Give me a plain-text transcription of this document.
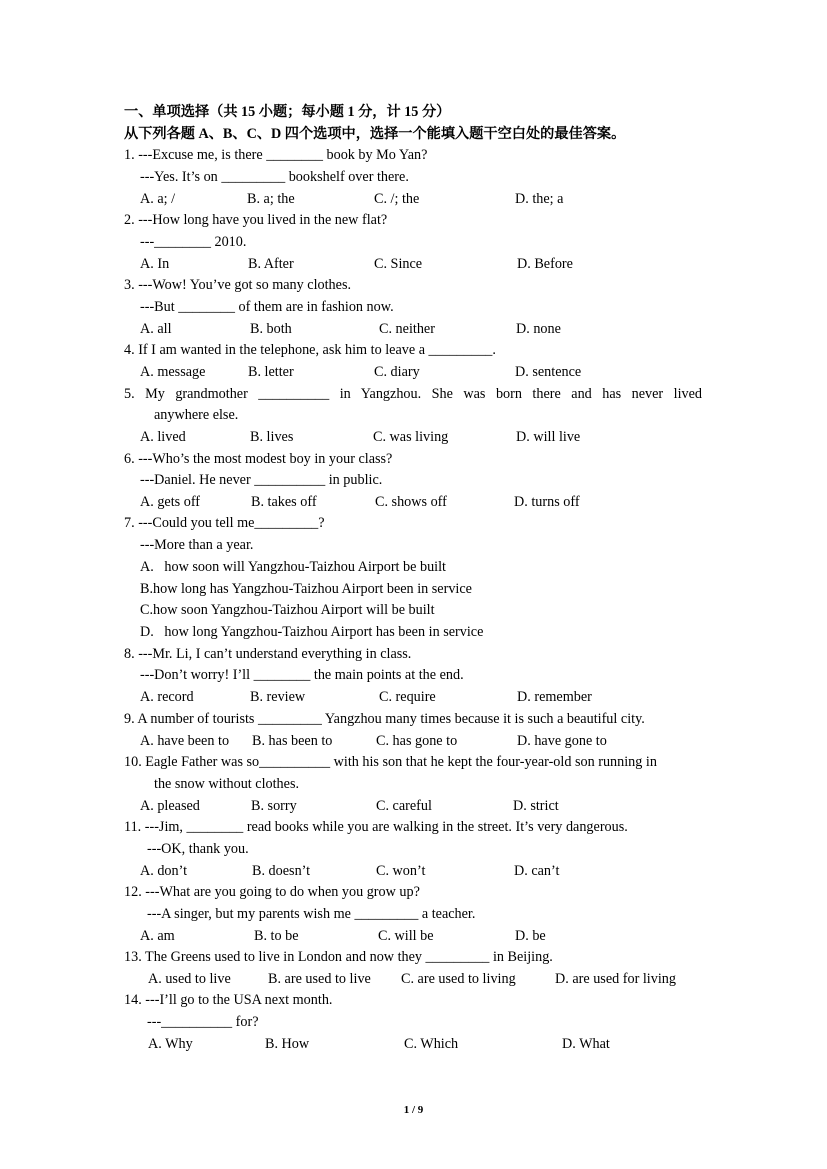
一、单项选择（共 15 小题；每小题 1 分，计 15 分）
从下列各题 A、B、C、D 四个选项中，选择一个能填入题干空白处的最佳答案。
1. ---Excuse me, is there ________ book by Mo Yan?
---Yes. It’s on _________ bookshelf over there.
A. a; /	B. a; the	C. /; the	D. the; a
2. ---How long have you lived in the new flat?
---________ 2010.
A. In	B. After	C. Since	D. Before
3. ---Wow! You’ve got so many clothes.
---But ________ of them are in fashion now.
A. all	B. both	C. neither	D. none
4. If I am wanted in the telephone, ask him to leave a _________.
A. message	B. letter	C. diary	D. sentence
5. My grandmother __________ in Yangzhou. She was born there and has never lived
anywhere else.
A. lived	B. lives	C. was living	D. will live
6. ---Who’s the most modest boy in your class?
---Daniel. He never __________ in public.
A. gets off	B. takes off	C. shows off	D. turns off
7. ---Could you tell me_________?
---More than a year.
A.   how soon will Yangzhou-Taizhou Airport be built
B.how long has Yangzhou-Taizhou Airport been in service
C.how soon Yangzhou-Taizhou Airport will be built
D.   how long Yangzhou-Taizhou Airport has been in service
8. ---Mr. Li, I can’t understand everything in class.
---Don’t worry! I’ll ________ the main points at the end.
A. record	B. review	C. require	D. remember
9. A number of tourists _________ Yangzhou many times because it is such a beautiful city.
A. have been to B. has been to	C. has gone to	D. have gone to
10. Eagle Father was so__________ with his son that he kept the four-year-old son running in
the snow without clothes.
A. pleased	B. sorry	C. careful	D. strict
11. ---Jim, ________ read books while you are walking in the street. It’s very dangerous.
---OK, thank you.
A. don’t	B. doesn’t	C. won’t	D. can’t
12. ---What are you going to do when you grow up?
---A singer, but my parents wish me _________ a teacher.
A. am	B. to be	C. will be	D. be
13. The Greens used to live in London and now they _________ in Beijing.
A. used to live	B. are used to live C. are used to living	D. are used for living
14. ---I’ll go to the USA next month.
---__________ for?
A. Why	B. How	C. Which	D. What
1 / 9
